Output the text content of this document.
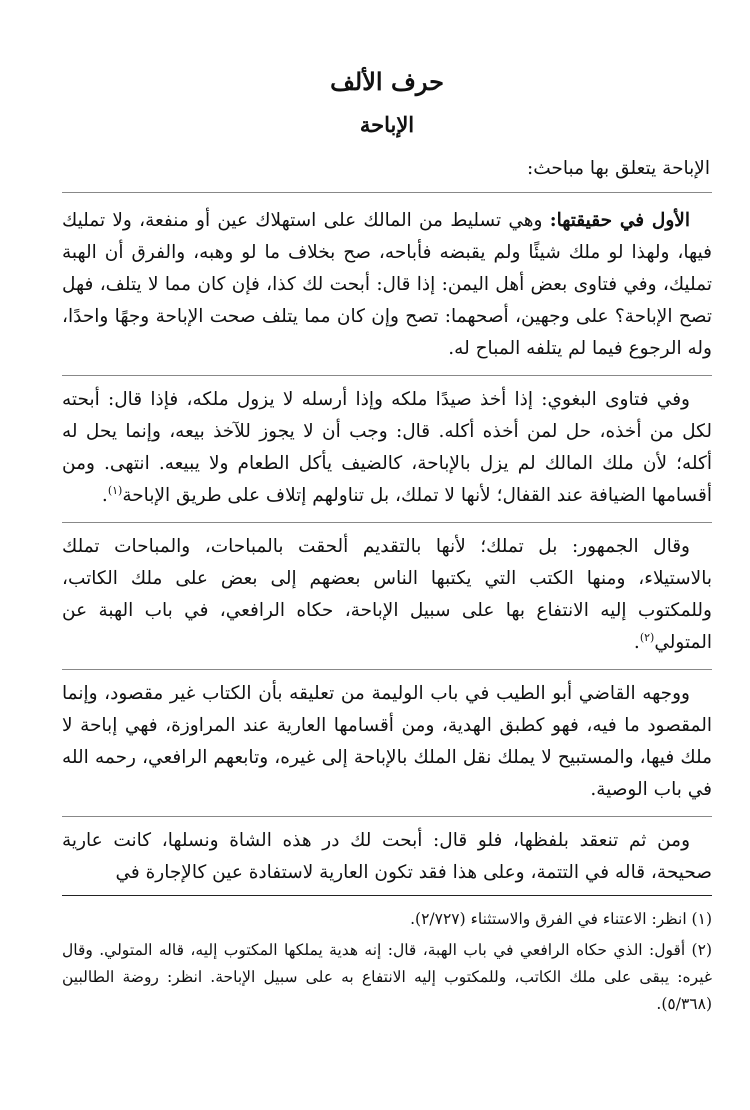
حرف الألف
الإباحة

الإباحة يتعلق بها مباحث:

الأول في حقيقتها: وهي تسليط من المالك على استهلاك عين أو منفعة، ولا تمليك فيها، ولهذا لو ملك شيئًا ولم يقبضه فأباحه، صح بخلاف ما لو وهبه، والفرق أن الهبة تمليك، وفي فتاوى بعض أهل اليمن: إذا قال: أبحت لك كذا، فإن كان مما لا يتلف، فهل تصح الإباحة؟ على وجهين، أصحهما: تصح وإن كان مما يتلف صحت الإباحة وجهًا واحدًا، وله الرجوع فيما لم يتلفه المباح له.

وفي فتاوى البغوي: إذا أخذ صيدًا ملكه وإذا أرسله لا يزول ملكه، فإذا قال: أبحته لكل من أخذه، حل لمن أخذه أكله. قال: وجب أن لا يجوز للآخذ بيعه، وإنما يحل له أكله؛ لأن ملك المالك لم يزل بالإباحة، كالضيف يأكل الطعام ولا يبيعه. انتهى. ومن أقسامها الضيافة عند القفال؛ لأنها لا تملك، بل تناولهم إتلاف على طريق الإباحة$^{(١)}$.

وقال الجمهور: بل تملك؛ لأنها بالتقديم ألحقت بالمباحات، والمباحات تملك بالاستيلاء، ومنها الكتب التي يكتبها الناس بعضهم إلى بعض على ملك الكاتب، وللمكتوب إليه الانتفاع بها على سبيل الإباحة، حكاه الرافعي، في باب الهبة عن المتولي$^{(٢)}$.

ووجهه القاضي أبو الطيب في باب الوليمة من تعليقه بأن الكتاب غير مقصود، وإنما المقصود ما فيه، فهو كطبق الهدية، ومن أقسامها العارية عند المراوزة، فهي إباحة لا ملك فيها، والمستبيح لا يملك نقل الملك بالإباحة إلى غيره، وتابعهم الرافعي، رحمه الله في باب الوصية.

ومن ثم تنعقد بلفظها، فلو قال: أبحت لك در هذه الشاة ونسلها، كانت عارية صحيحة، قاله في التتمة، وعلى هذا فقد تكون العارية لاستفادة عين كالإجارة في

(١) انظر: الاعتناء في الفرق والاستثناء (٢/٧٢٧).

(٢) أقول: الذي حكاه الرافعي في باب الهبة، قال: إنه هدية يملكها المكتوب إليه، قاله المتولي. وقال غيره: يبقى على ملك الكاتب، وللمكتوب إليه الانتفاع به على سبيل الإباحة. انظر: روضة الطالبين (٥/٣٦٨).
